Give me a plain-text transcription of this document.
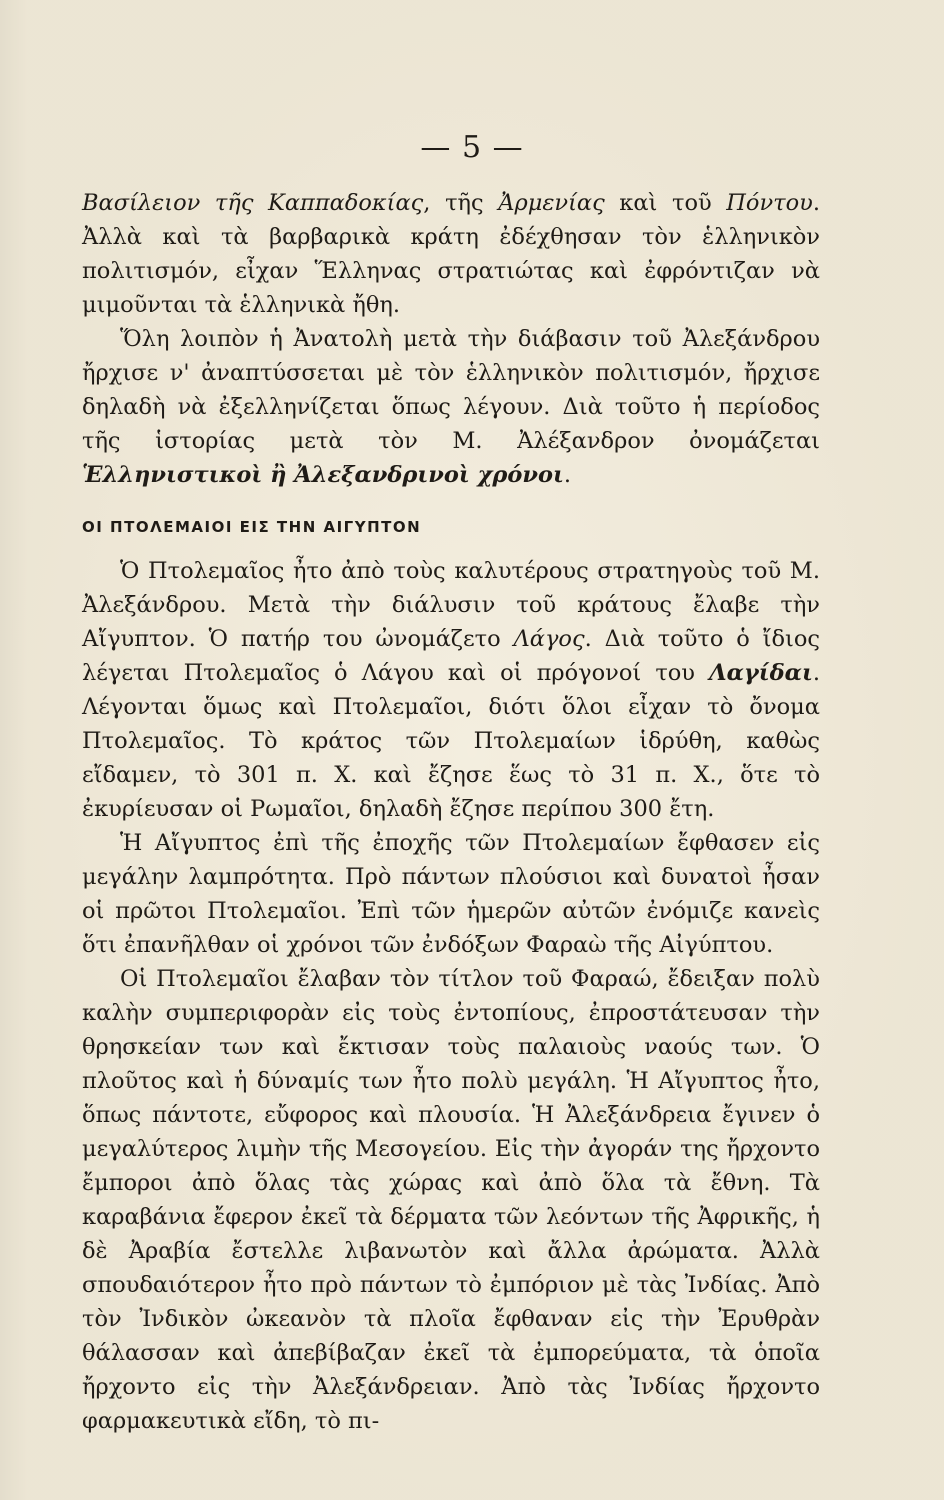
— 5 —

Βασίλειον τῆς Καππαδοκίας, τῆς Ἀρμενίας καὶ τοῦ Πόντου. Ἀλλὰ καὶ τὰ βαρβαρικὰ κράτη ἐδέχθησαν τὸν ἑλληνικὸν πολιτισμόν, εἶχαν Ἕλληνας στρατιώτας καὶ ἐφρόντιζαν νὰ μιμοῦνται τὰ ἑλληνικὰ ἤθη.

Ὅλη λοιπὸν ἡ Ἀνατολὴ μετὰ τὴν διάβασιν τοῦ Ἀλεξάνδρου ἤρχισε ν' ἀναπτύσσεται μὲ τὸν ἑλληνικὸν πολιτισμόν, ἤρχισε δηλαδὴ νὰ ἐξελληνίζεται ὅπως λέγουν. Διὰ τοῦτο ἡ περίοδος τῆς ἱστορίας μετὰ τὸν Μ. Ἀλέξανδρον ὀνομάζεται Ἑλληνιστικοὶ ἢ Ἀλεξανδρινοὶ χρόνοι.

ΟΙ ΠΤΟΛΕΜΑΙΟΙ ΕΙΣ ΤΗΝ ΑΙΓΥΠΤΟΝ

Ὁ Πτολεμαῖος ἦτο ἀπὸ τοὺς καλυτέρους στρατηγοὺς τοῦ Μ. Ἀλεξάνδρου. Μετὰ τὴν διάλυσιν τοῦ κράτους ἔλαβε τὴν Αἴγυπτον. Ὁ πατήρ του ὠνομάζετο Λάγος. Διὰ τοῦτο ὁ ἴδιος λέγεται Πτολεμαῖος ὁ Λάγου καὶ οἱ πρόγονοί του Λαγίδαι. Λέγονται ὅμως καὶ Πτολεμαῖοι, διότι ὅλοι εἶχαν τὸ ὄνομα Πτολεμαῖος. Τὸ κράτος τῶν Πτολεμαίων ἱδρύθη, καθὼς εἴδαμεν, τὸ 301 π. Χ. καὶ ἔζησε ἕως τὸ 31 π. Χ., ὅτε τὸ ἐκυρίευσαν οἱ Ρωμαῖοι, δηλαδὴ ἔζησε περίπου 300 ἔτη.

Ἡ Αἴγυπτος ἐπὶ τῆς ἐποχῆς τῶν Πτολεμαίων ἔφθασεν εἰς μεγάλην λαμπρότητα. Πρὸ πάντων πλούσιοι καὶ δυνατοὶ ἦσαν οἱ πρῶτοι Πτολεμαῖοι. Ἐπὶ τῶν ἡμερῶν αὐτῶν ἐνόμιζε κανεὶς ὅτι ἐπανῆλθαν οἱ χρόνοι τῶν ἐνδόξων Φαραὼ τῆς Αἰγύπτου.

Οἱ Πτολεμαῖοι ἔλαβαν τὸν τίτλον τοῦ Φαραώ, ἔδειξαν πολὺ καλὴν συμπεριφορὰν εἰς τοὺς ἐντοπίους, ἐπροστάτευσαν τὴν θρησκείαν των καὶ ἔκτισαν τοὺς παλαιοὺς ναούς των. Ὁ πλοῦτος καὶ ἡ δύναμίς των ἦτο πολὺ μεγάλη. Ἡ Αἴγυπτος ἦτο, ὅπως πάντοτε, εὔφορος καὶ πλουσία. Ἡ Ἀλεξάνδρεια ἔγινεν ὁ μεγαλύτερος λιμὴν τῆς Μεσογείου. Εἰς τὴν ἀγοράν της ἤρχοντο ἔμποροι ἀπὸ ὅλας τὰς χώρας καὶ ἀπὸ ὅλα τὰ ἔθνη. Τὰ καραβάνια ἔφερον ἐκεῖ τὰ δέρματα τῶν λεόντων τῆς Ἀφρικῆς, ἡ δὲ Ἀραβία ἔστελλε λιβανωτὸν καὶ ἄλλα ἀρώματα. Ἀλλὰ σπουδαιότερον ἦτο πρὸ πάντων τὸ ἐμπόριον μὲ τὰς Ἰνδίας. Ἀπὸ τὸν Ἰνδικὸν ὠκεανὸν τὰ πλοῖα ἔφθαναν εἰς τὴν Ἐρυθρὰν θάλασσαν καὶ ἀπεβίβαζαν ἐκεῖ τὰ ἐμπορεύματα, τὰ ὁποῖα ἤρχοντο εἰς τὴν Ἀλεξάνδρειαν. Ἀπὸ τὰς Ἰνδίας ἤρχοντο φαρμακευτικὰ εἴδη, τὸ πι-
